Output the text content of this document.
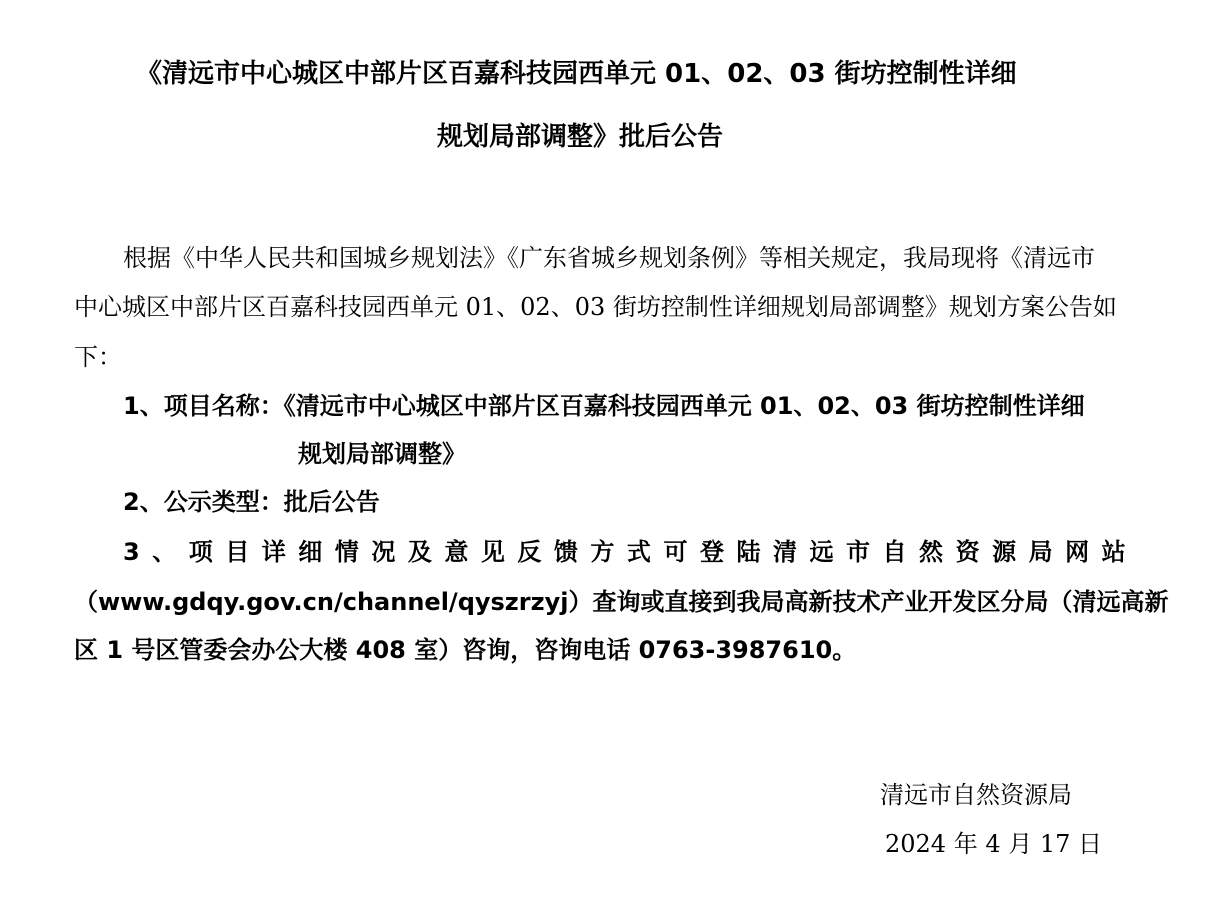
《清远市中心城区中部片区百嘉科技园西单元 01、02、03 街坊控制性详细
规划局部调整》批后公告
根据《中华人民共和国城乡规划法》《广东省城乡规划条例》等相关规定，我局现将《清远市
中心城区中部片区百嘉科技园西单元 01、02、03 街坊控制性详细规划局部调整》规划方案公告如
下：
1、项目名称：《清远市中心城区中部片区百嘉科技园西单元 01、02、03 街坊控制性详细
规划局部调整》
2、公示类型：批后公告
3 、 项 目 详 细 情 况 及 意 见 反 馈 方 式 可 登 陆 清 远 市 自 然 资 源 局 网 站
（www.gdqy.gov.cn/channel/qyszrzyj）查询或直接到我局高新技术产业开发区分局（清远高新
区 1 号区管委会办公大楼 408 室）咨询，咨询电话 0763-3987610。
清远市自然资源局
2024 年 4 月 17 日
